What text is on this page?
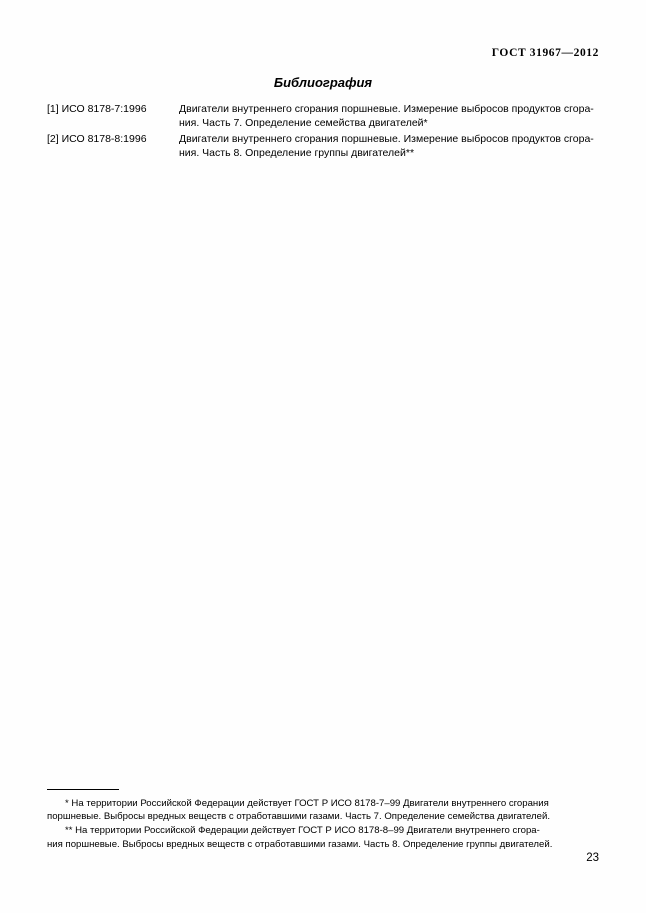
ГОСТ 31967—2012
Библиография
[1] ИСО 8178-7:1996	Двигатели внутреннего сгорания поршневые. Измерение выбросов продуктов сгора-
ния. Часть 7. Определение семейства двигателей*
[2] ИСО 8178-8:1996	Двигатели внутреннего сгорания поршневые. Измерение выбросов продуктов сгора-
ния. Часть 8. Определение группы двигателей**
* На территории Российской Федерации действует ГОСТ Р ИСО 8178-7–99 Двигатели внутреннего сгорания
поршневые. Выбросы вредных веществ с отработавшими газами. Часть 7. Определение семейства двигателей.
** На территории Российской Федерации действует ГОСТ Р ИСО 8178-8–99 Двигатели внутреннего сгора-
ния поршневые. Выбросы вредных веществ с отработавшими газами. Часть 8. Определение группы двигателей.
23
